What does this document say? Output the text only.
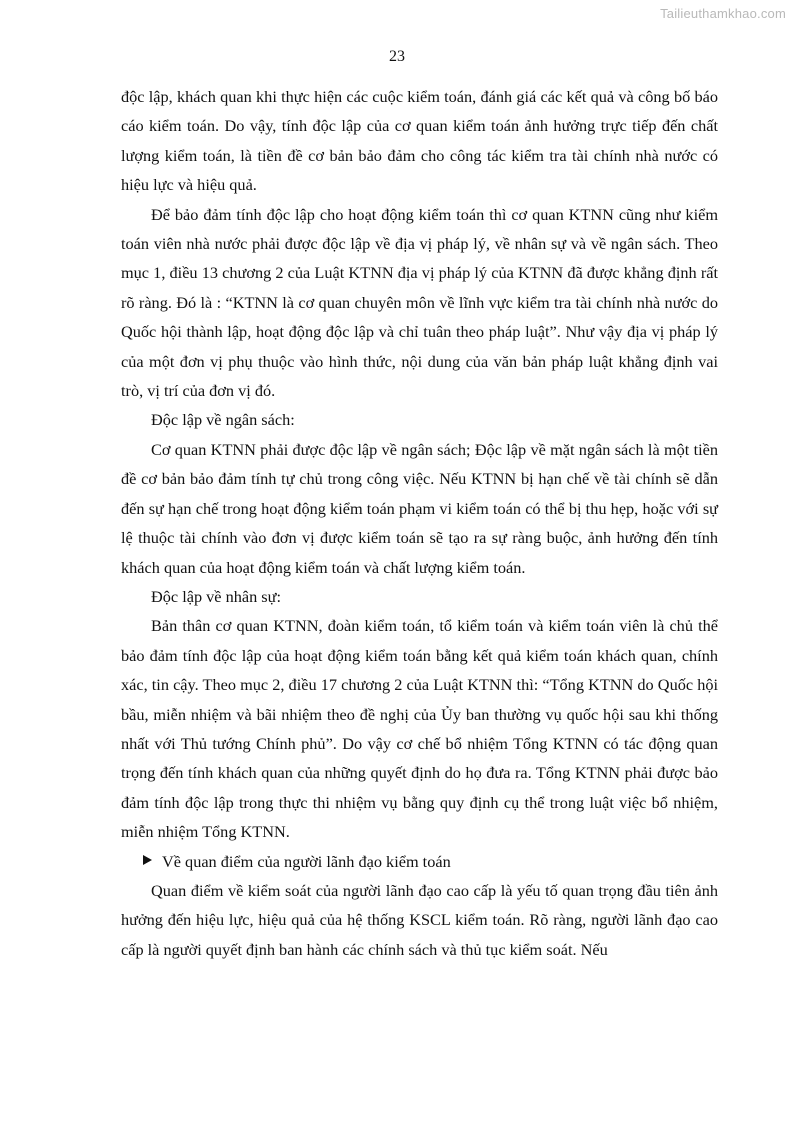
Tailieuthamkhao.com
23

độc lập, khách quan khi thực hiện các cuộc kiểm toán, đánh giá các kết quả và công bố báo cáo kiểm toán. Do vậy, tính độc lập của cơ quan kiểm toán ảnh hưởng trực tiếp đến chất lượng kiểm toán, là tiền đề cơ bản bảo đảm cho công tác kiểm tra tài chính nhà nước có hiệu lực và hiệu quả.

Để bảo đảm tính độc lập cho hoạt động kiểm toán thì cơ quan KTNN cũng như kiểm toán viên nhà nước phải được độc lập về địa vị pháp lý, về nhân sự và về ngân sách. Theo mục 1, điều 13 chương 2 của Luật KTNN địa vị pháp lý của KTNN đã được khẳng định rất rõ ràng. Đó là : “KTNN là cơ quan chuyên môn về lĩnh vực kiểm tra tài chính nhà nước do Quốc hội thành lập, hoạt động độc lập và chỉ tuân theo pháp luật”. Như vậy địa vị pháp lý của một đơn vị phụ thuộc vào hình thức, nội dung của văn bản pháp luật khẳng định vai trò, vị trí của đơn vị đó.

Độc lập về ngân sách:

Cơ quan KTNN phải được độc lập về ngân sách; Độc lập về mặt ngân sách là một tiền đề cơ bản bảo đảm tính tự chủ trong công việc. Nếu KTNN bị hạn chế về tài chính sẽ dẫn đến sự hạn chế trong hoạt động kiểm toán phạm vi kiểm toán có thể bị thu hẹp, hoặc với sự lệ thuộc tài chính vào đơn vị được kiểm toán sẽ tạo ra sự ràng buộc, ảnh hưởng đến tính khách quan của hoạt động kiểm toán và chất lượng kiểm toán.

Độc lập về nhân sự:

Bản thân cơ quan KTNN, đoàn kiểm toán, tổ kiểm toán và kiểm toán viên là chủ thể bảo đảm tính độc lập của hoạt động kiểm toán bằng kết quả kiểm toán khách quan, chính xác, tin cậy. Theo mục 2, điều 17 chương 2 của Luật KTNN thì: “Tổng KTNN do Quốc hội bầu, miễn nhiệm và bãi nhiệm theo đề nghị của Ủy ban thường vụ quốc hội sau khi thống nhất với Thủ tướng Chính phủ”. Do vậy cơ chế bổ nhiệm Tổng KTNN có tác động quan trọng đến tính khách quan của những quyết định do họ đưa ra. Tổng KTNN phải được bảo đảm tính độc lập trong thực thi nhiệm vụ bằng quy định cụ thể trong luật việc bổ nhiệm, miễn nhiệm Tổng KTNN.

Về quan điểm của người lãnh đạo kiểm toán

Quan điểm về kiểm soát của người lãnh đạo cao cấp là yếu tố quan trọng đầu tiên ảnh hưởng đến hiệu lực, hiệu quả của hệ thống KSCL kiểm toán. Rõ ràng, người lãnh đạo cao cấp là người quyết định ban hành các chính sách và thủ tục kiểm soát. Nếu
